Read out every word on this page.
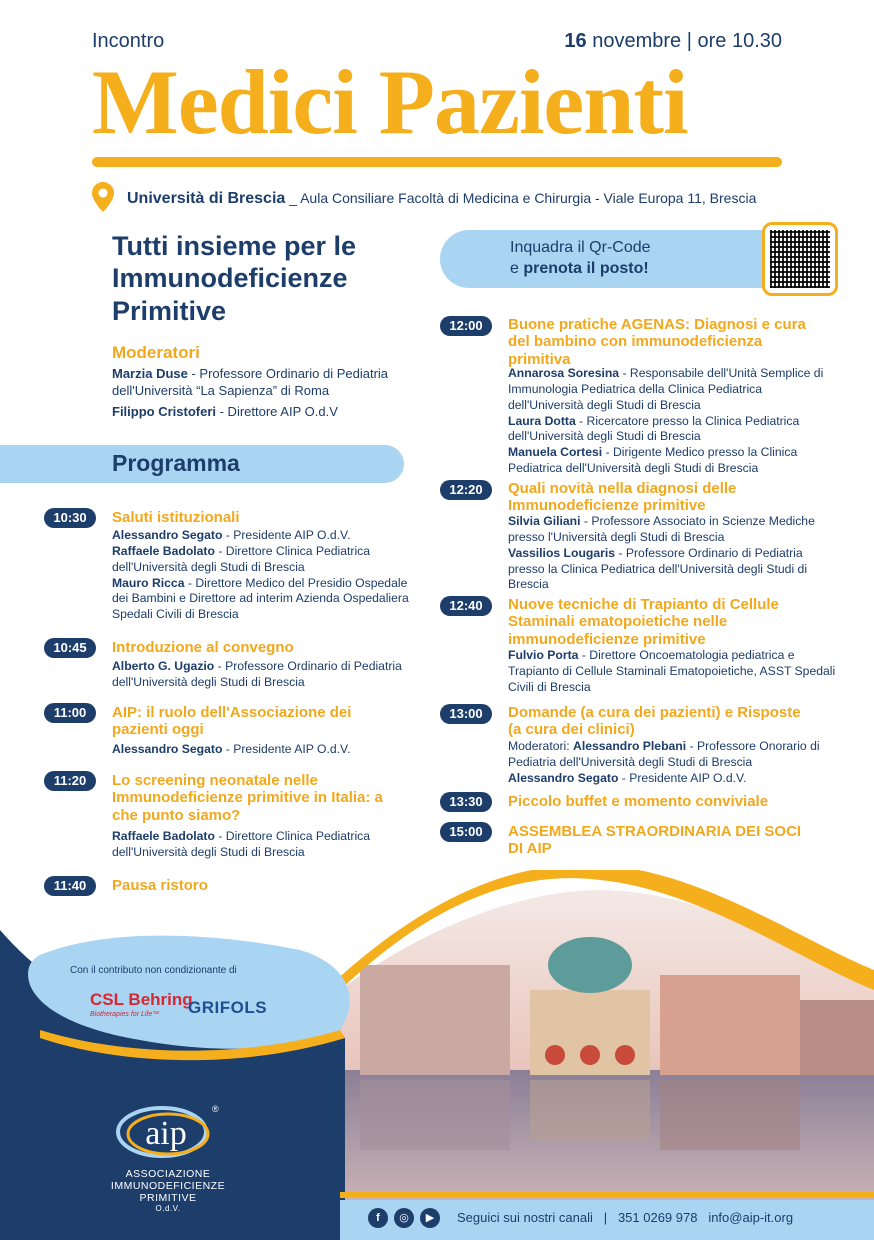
Incontro	16 novembre | ore 10.30
Medici Pazienti
Università di Brescia _ Aula Consiliare Facoltà di Medicina e Chirurgia - Viale Europa 11, Brescia
Tutti insieme per le Immunodeficienze Primitive
Inquadra il Qr-Code
e prenota il posto!
Moderatori
Marzia Duse - Professore Ordinario di Pediatria dell'Università “La Sapienza” di Roma
Filippo Cristoferi - Direttore AIP O.d.V
Programma
10:30	Saluti istituzionali
Alessandro Segato - Presidente AIP O.d.V.
Raffaele Badolato - Direttore Clinica Pediatrica dell'Università degli Studi di Brescia
Mauro Ricca - Direttore Medico del Presidio Ospedale dei Bambini e Direttore ad interim Azienda Ospedaliera Spedali Civili di Brescia
10:45	Introduzione al convegno
Alberto G. Ugazio - Professore Ordinario di Pediatria dell'Università degli Studi di Brescia
11:00	AIP: il ruolo dell'Associazione dei pazienti oggi
Alessandro Segato - Presidente AIP O.d.V.
11:20	Lo screening neonatale nelle Immunodeficienze primitive in Italia: a che punto siamo?
Raffaele Badolato - Direttore Clinica Pediatrica dell'Università degli Studi di Brescia
11:40	Pausa ristoro
12:00	Buone pratiche AGENAS: Diagnosi e cura del bambino con immunodeficienza primitiva
Annarosa Soresina - Responsabile dell'Unità Semplice di Immunologia Pediatrica della Clinica Pediatrica dell'Università degli Studi di Brescia
Laura Dotta - Ricercatore presso la Clinica Pediatrica dell'Università degli Studi di Brescia
Manuela Cortesi - Dirigente Medico presso la Clinica Pediatrica dell'Università degli Studi di Brescia
12:20	Quali novità nella diagnosi delle Immunodeficienze primitive
Silvia Giliani - Professore Associato in Scienze Mediche presso l'Università degli Studi di Brescia
Vassilios Lougaris - Professore Ordinario di Pediatria presso la Clinica Pediatrica dell'Università degli Studi di Brescia
12:40	Nuove tecniche di Trapianto di Cellule Staminali ematopoietiche nelle immunodeficienze primitive
Fulvio Porta - Direttore Oncoematologia pediatrica e Trapianto di Cellule Staminali Ematopoietiche, ASST Spedali Civili di Brescia
13:00	Domande (a cura dei pazienti) e Risposte (a cura dei clinici)
Moderatori: Alessandro Plebani - Professore Onorario di Pediatria dell'Università degli Studi di Brescia
Alessandro Segato - Presidente AIP O.d.V.
13:30	Piccolo buffet e momento conviviale
15:00	ASSEMBLEA STRAORDINARIA DEI SOCI DI AIP
Con il contributo non condizionante di
CSL Behring
Biotherapies for Life™ GRIFOLS
aip
®
ASSOCIAZIONE
IMMUNODEFICIENZE
PRIMITIVE
O.d.V.
f	◎	▶	Seguici sui nostri canali | 351 0269 978 info@aip-it.org
